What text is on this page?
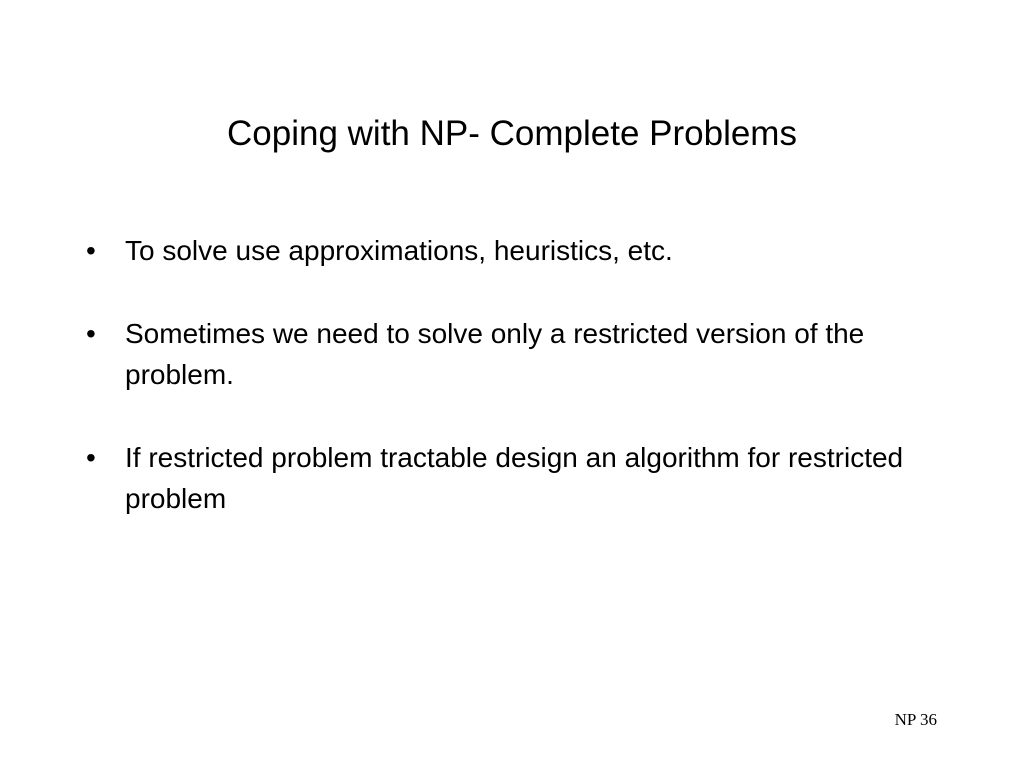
Coping with NP- Complete Problems
• To solve use approximations, heuristics, etc.
• Sometimes we need to solve only a restricted version of the problem.
• If restricted problem tractable design an algorithm for restricted problem
NP 36
